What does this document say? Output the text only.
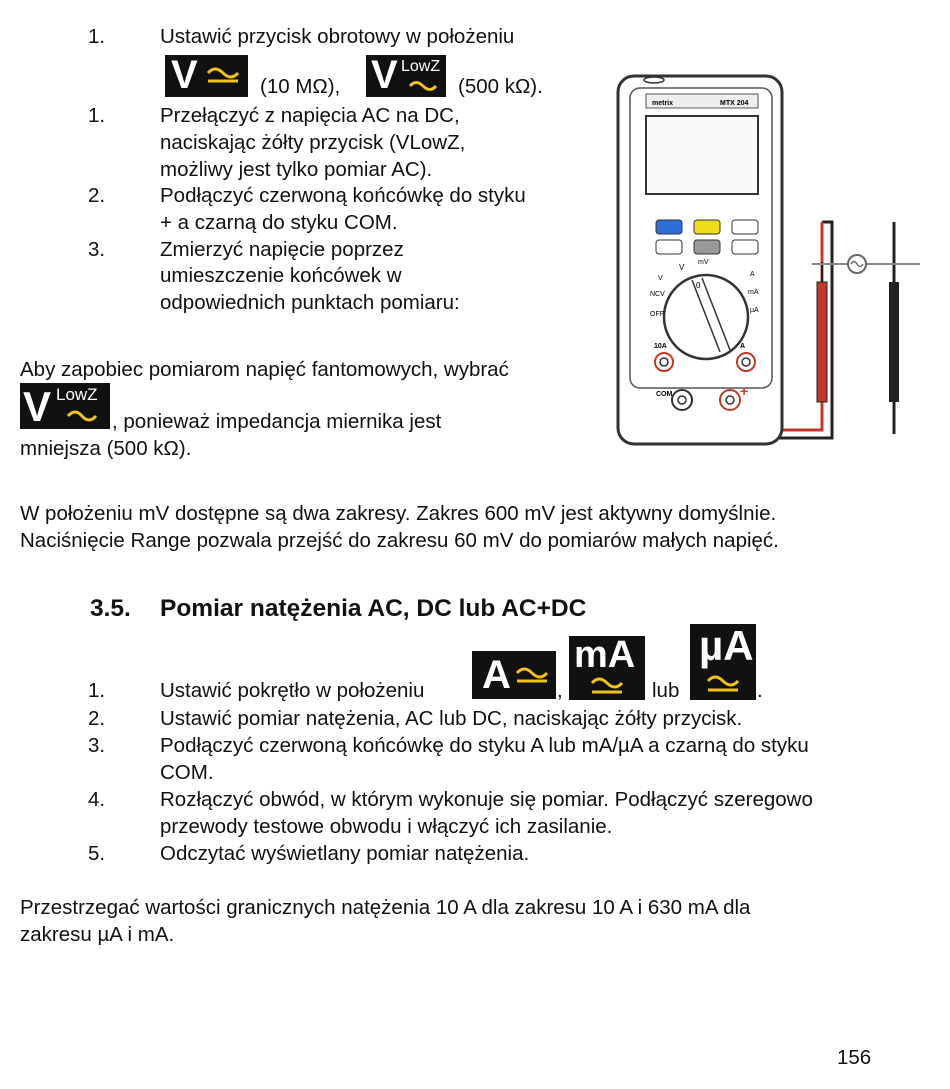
1.	Ustawić przycisk obrotowy w położeniu
V	(10 MΩ), V LowZ
(500 kΩ).
1.	Przełączyć z napięcia AC na DC,
naciskając żółty przycisk (VLowZ,
możliwy jest tylko pomiar AC).
2.	Podłączyć czerwoną końcówkę do styku
+ a czarną do styku COM.
3.	Zmierzyć napięcie poprzez
umieszczenie końcówek w
odpowiednich punktach pomiaru:
Aby zapobiec pomiarom napięć fantomowych, wybrać
V LowZ
, ponieważ impedancja miernika jest
mniejsza (500 kΩ).
metrix	MTX 204
0
V
mV
V
NCV
OFF
A
mA
µA
10A	A
COM	+
W położeniu mV dostępne są dwa zakresy. Zakres 600 mV jest aktywny domyślnie.
Naciśnięcie Range pozwala przejść do zakresu 60 mV do pomiarów małych napięć.
3.5. Pomiar natężenia AC, DC lub AC+DC
1.	Ustawić pokrętło w położeniu A ,
mA
lub
µA
.
2.	Ustawić pomiar natężenia, AC lub DC, naciskając żółty przycisk.
3.	Podłączyć czerwoną końcówkę do styku A lub mA/µA a czarną do styku
COM.
4.	Rozłączyć obwód, w którym wykonuje się pomiar. Podłączyć szeregowo
przewody testowe obwodu i włączyć ich zasilanie.
5.	Odczytać wyświetlany pomiar natężenia.
Przestrzegać wartości granicznych natężenia 10 A dla zakresu 10 A i 630 mA dla
zakresu µA i mA.
156
